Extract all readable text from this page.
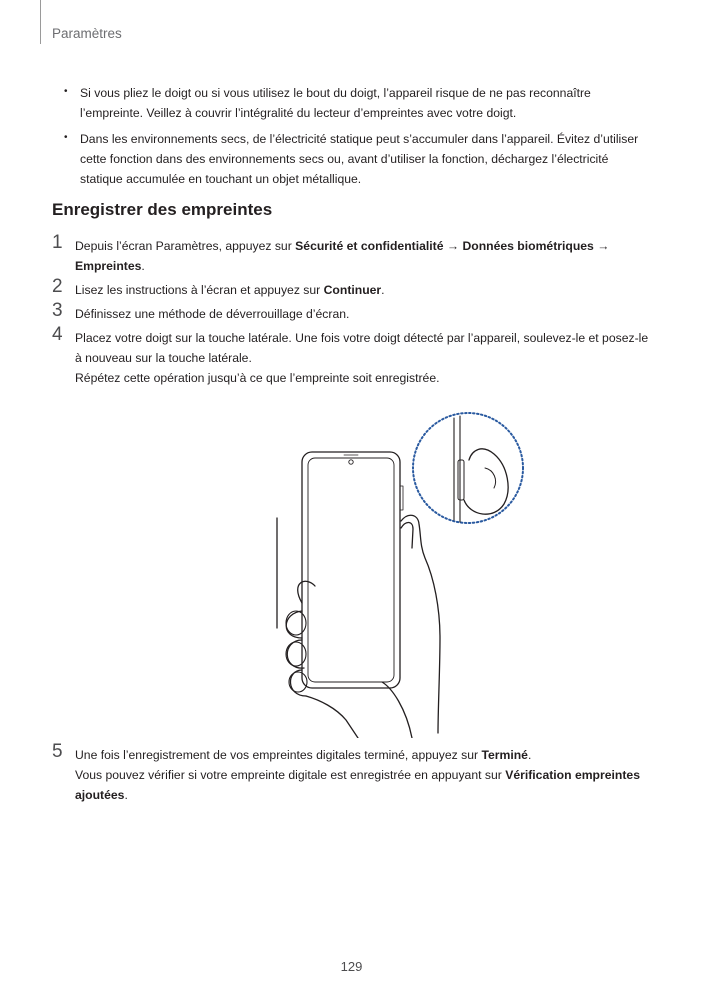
Paramètres
• Si vous pliez le doigt ou si vous utilisez le bout du doigt, l’appareil risque de ne pas reconnaître l’empreinte. Veillez à couvrir l’intégralité du lecteur d’empreintes avec votre doigt.
• Dans les environnements secs, de l’électricité statique peut s’accumuler dans l’appareil. Évitez d’utiliser cette fonction dans des environnements secs ou, avant d’utiliser la fonction, déchargez l’électricité statique accumulée en touchant un objet métallique.
Enregistrer des empreintes
1 Depuis l’écran Paramètres, appuyez sur Sécurité et confidentialité → Données biométriques →
Empreintes.

2 Lisez les instructions à l’écran et appuyez sur Continuer.

3 Définissez une méthode de déverrouillage d’écran.

4 Placez votre doigt sur la touche latérale. Une fois votre doigt détecté par l’appareil, soulevez-le et posez-le à nouveau sur la touche latérale.

Répétez cette opération jusqu’à ce que l’empreinte soit enregistrée.

5 Une fois l’enregistrement de vos empreintes digitales terminé, appuyez sur Terminé.

Vous pouvez vérifier si votre empreinte digitale est enregistrée en appuyant sur Vérification empreintes ajoutées.

129
